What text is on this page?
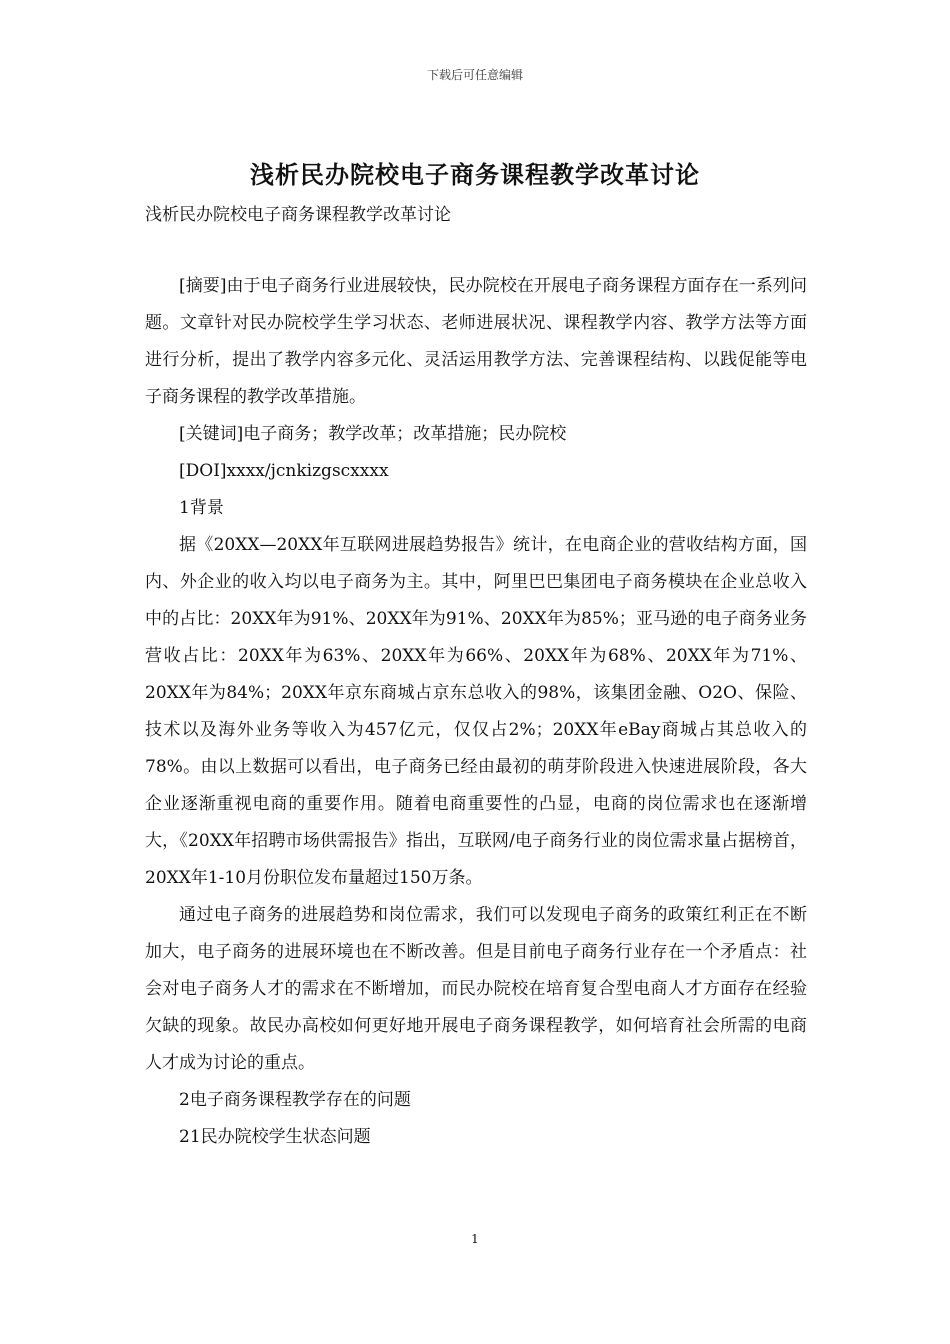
下载后可任意编辑
浅析民办院校电子商务课程教学改革讨论
浅析民办院校电子商务课程教学改革讨论

[摘要]由于电子商务行业进展较快，民办院校在开展电子商务课程方面存在一系列问题。文章针对民办院校学生学习状态、老师进展状况、课程教学内容、教学方法等方面进行分析，提出了教学内容多元化、灵活运用教学方法、完善课程结构、以践促能等电子商务课程的教学改革措施。

[关键词]电子商务；教学改革；改革措施；民办院校

[DOI]xxxx/jcnkizgscxxxx

1背景

据《20XX—20XX年互联网进展趋势报告》统计，在电商企业的营收结构方面，国内、外企业的收入均以电子商务为主。其中，阿里巴巴集团电子商务模块在企业总收入中的占比：20XX年为91%、20XX年为91%、20XX年为85%；亚马逊的电子商务业务营收占比：20XX年为63%、20XX年为66%、20XX年为68%、20XX年为71%、20XX年为84%；20XX年京东商城占京东总收入的98%，该集团金融、O2O、保险、技术以及海外业务等收入为457亿元，仅仅占2%；20XX年eBay商城占其总收入的78%。由以上数据可以看出，电子商务已经由最初的萌芽阶段进入快速进展阶段，各大企业逐渐重视电商的重要作用。随着电商重要性的凸显，电商的岗位需求也在逐渐增大，《20XX年招聘市场供需报告》指出，互联网/电子商务行业的岗位需求量占据榜首，20XX年1-10月份职位发布量超过150万条。

通过电子商务的进展趋势和岗位需求，我们可以发现电子商务的政策红利正在不断加大，电子商务的进展环境也在不断改善。但是目前电子商务行业存在一个矛盾点：社会对电子商务人才的需求在不断增加，而民办院校在培育复合型电商人才方面存在经验欠缺的现象。故民办高校如何更好地开展电子商务课程教学，如何培育社会所需的电商人才成为讨论的重点。

2电子商务课程教学存在的问题

21民办院校学生状态问题

1
